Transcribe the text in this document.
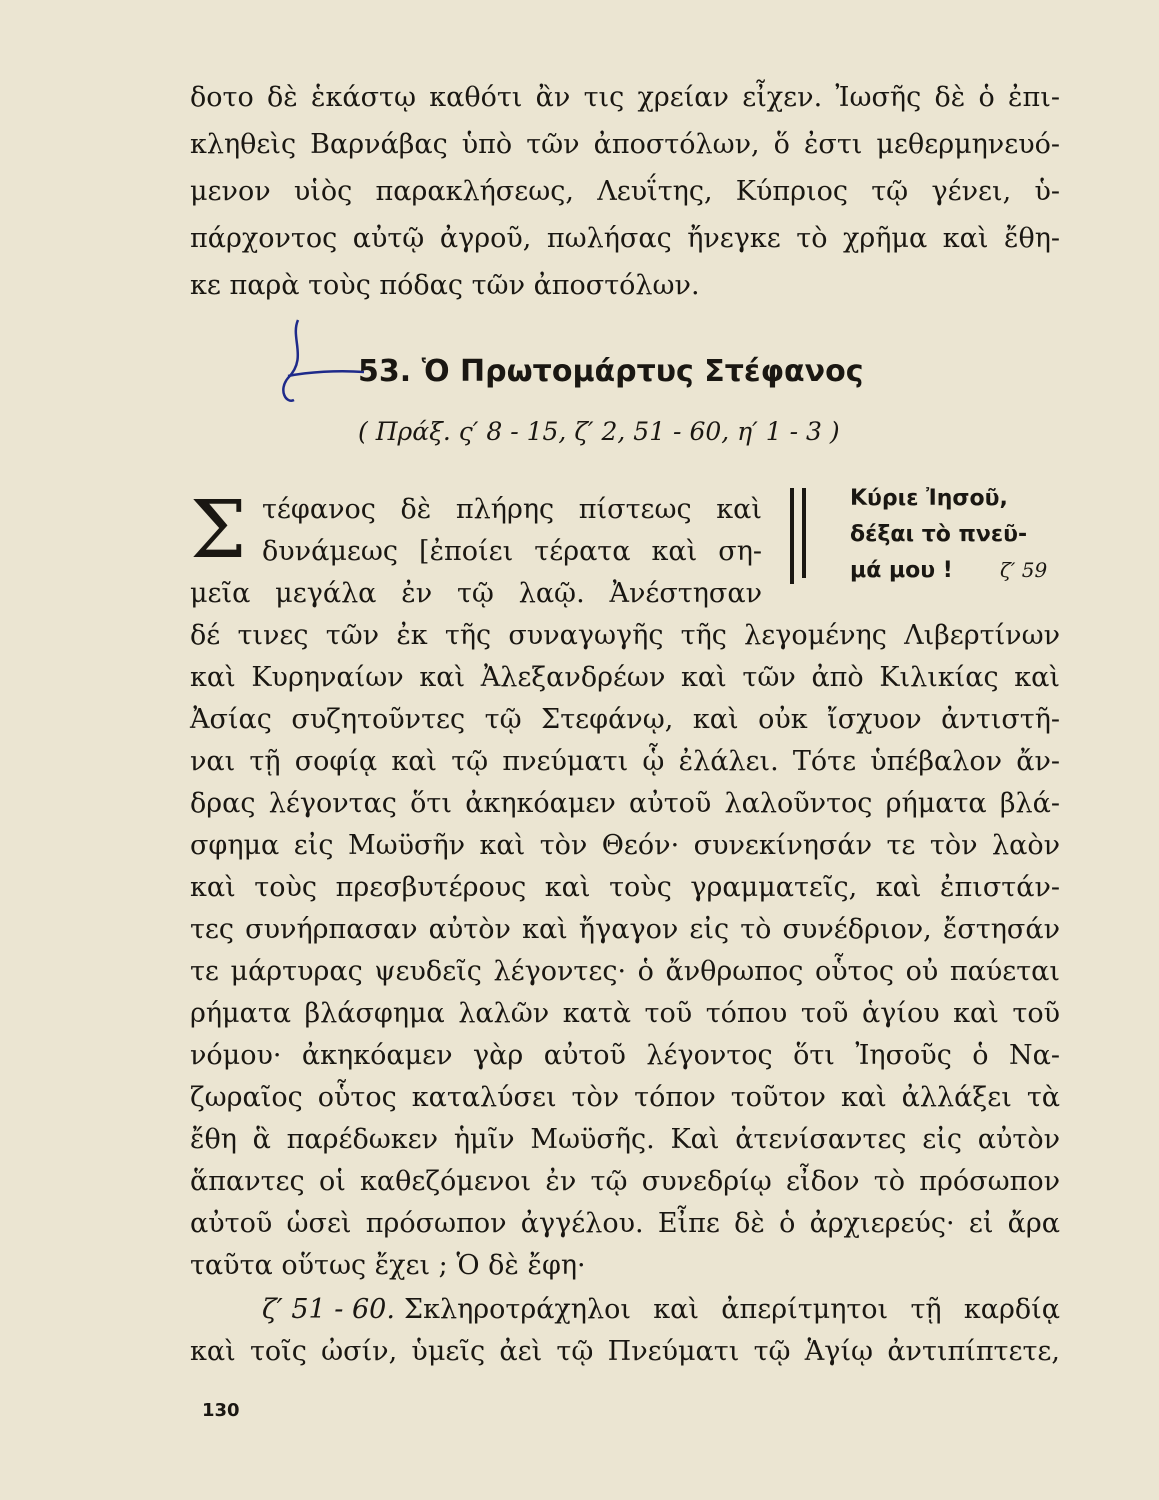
δοτο δὲ ἑκάστῳ καθότι ἂν τις χρείαν εἶχεν. Ἰωσῆς δὲ ὁ ἐπι-
κληθεὶς Βαρνάβας ὑπὸ τῶν ἀποστόλων, ὅ ἐστι μεθερμηνευό-
μενον υἱὸς παρακλήσεως, Λευΐτης, Κύπριος τῷ γένει, ὑ-
πάρχοντος αὐτῷ ἀγροῦ, πωλήσας ἤνεγκε τὸ χρῆμα καὶ ἔθη-
κε παρὰ τοὺς πόδας τῶν ἀποστόλων.
53. Ὁ Πρωτομάρτυς Στέφανος
( Πράξ. ς′ 8 - 15, ζ′ 2, 51 - 60, η′ 1 - 3 )
Σ τέφανος δὲ πλήρης πίστεως καὶ
δυνάμεως [ἐποίει τέρατα καὶ ση-
μεῖα μεγάλα ἐν τῷ λαῷ. Ἀνέστησαν
Κύριε Ἰησοῦ,
δέξαι τὸ πνεῦ-
μά μου ! ζ′ 59
δέ τινες τῶν ἐκ τῆς συναγωγῆς τῆς λεγομένης Λιβερτίνων
καὶ Κυρηναίων καὶ Ἀλεξανδρέων καὶ τῶν ἀπὸ Κιλικίας καὶ
Ἀσίας συζητοῦντες τῷ Στεφάνῳ, καὶ οὐκ ἴσχυον ἀντιστῆ-
ναι τῇ σοφίᾳ καὶ τῷ πνεύματι ᾧ ἐλάλει. Τότε ὑπέβαλον ἄν-
δρας λέγοντας ὅτι ἀκηκόαμεν αὐτοῦ λαλοῦντος ρήματα βλά-
σφημα εἰς Μωϋσῆν καὶ τὸν Θεόν· συνεκίνησάν τε τὸν λαὸν
καὶ τοὺς πρεσβυτέρους καὶ τοὺς γραμματεῖς, καὶ ἐπιστάν-
τες συνήρπασαν αὐτὸν καὶ ἤγαγον εἰς τὸ συνέδριον, ἔστησάν
τε μάρτυρας ψευδεῖς λέγοντες· ὁ ἄνθρωπος οὗτος οὐ παύεται
ρήματα βλάσφημα λαλῶν κατὰ τοῦ τόπου τοῦ ἁγίου καὶ τοῦ
νόμου· ἀκηκόαμεν γὰρ αὐτοῦ λέγοντος ὅτι Ἰησοῦς ὁ Να-
ζωραῖος οὗτος καταλύσει τὸν τόπον τοῦτον καὶ ἀλλάξει τὰ
ἔθη ἃ παρέδωκεν ἡμῖν Μωϋσῆς. Καὶ ἀτενίσαντες εἰς αὐτὸν
ἅπαντες οἱ καθεζόμενοι ἐν τῷ συνεδρίῳ εἶδον τὸ πρόσωπον
αὐτοῦ ὡσεὶ πρόσωπον ἀγγέλου. Εἶπε δὲ ὁ ἀρχιερεύς· εἰ ἄρα
ταῦτα οὕτως ἔχει ; Ὁ δὲ ἔφη·
ζ′ 51 - 60. Σκληροτράχηλοι καὶ ἀπερίτμητοι τῇ καρδίᾳ
καὶ τοῖς ὠσίν, ὑμεῖς ἀεὶ τῷ Πνεύματι τῷ Ἁγίῳ ἀντιπίπτετε,
130
